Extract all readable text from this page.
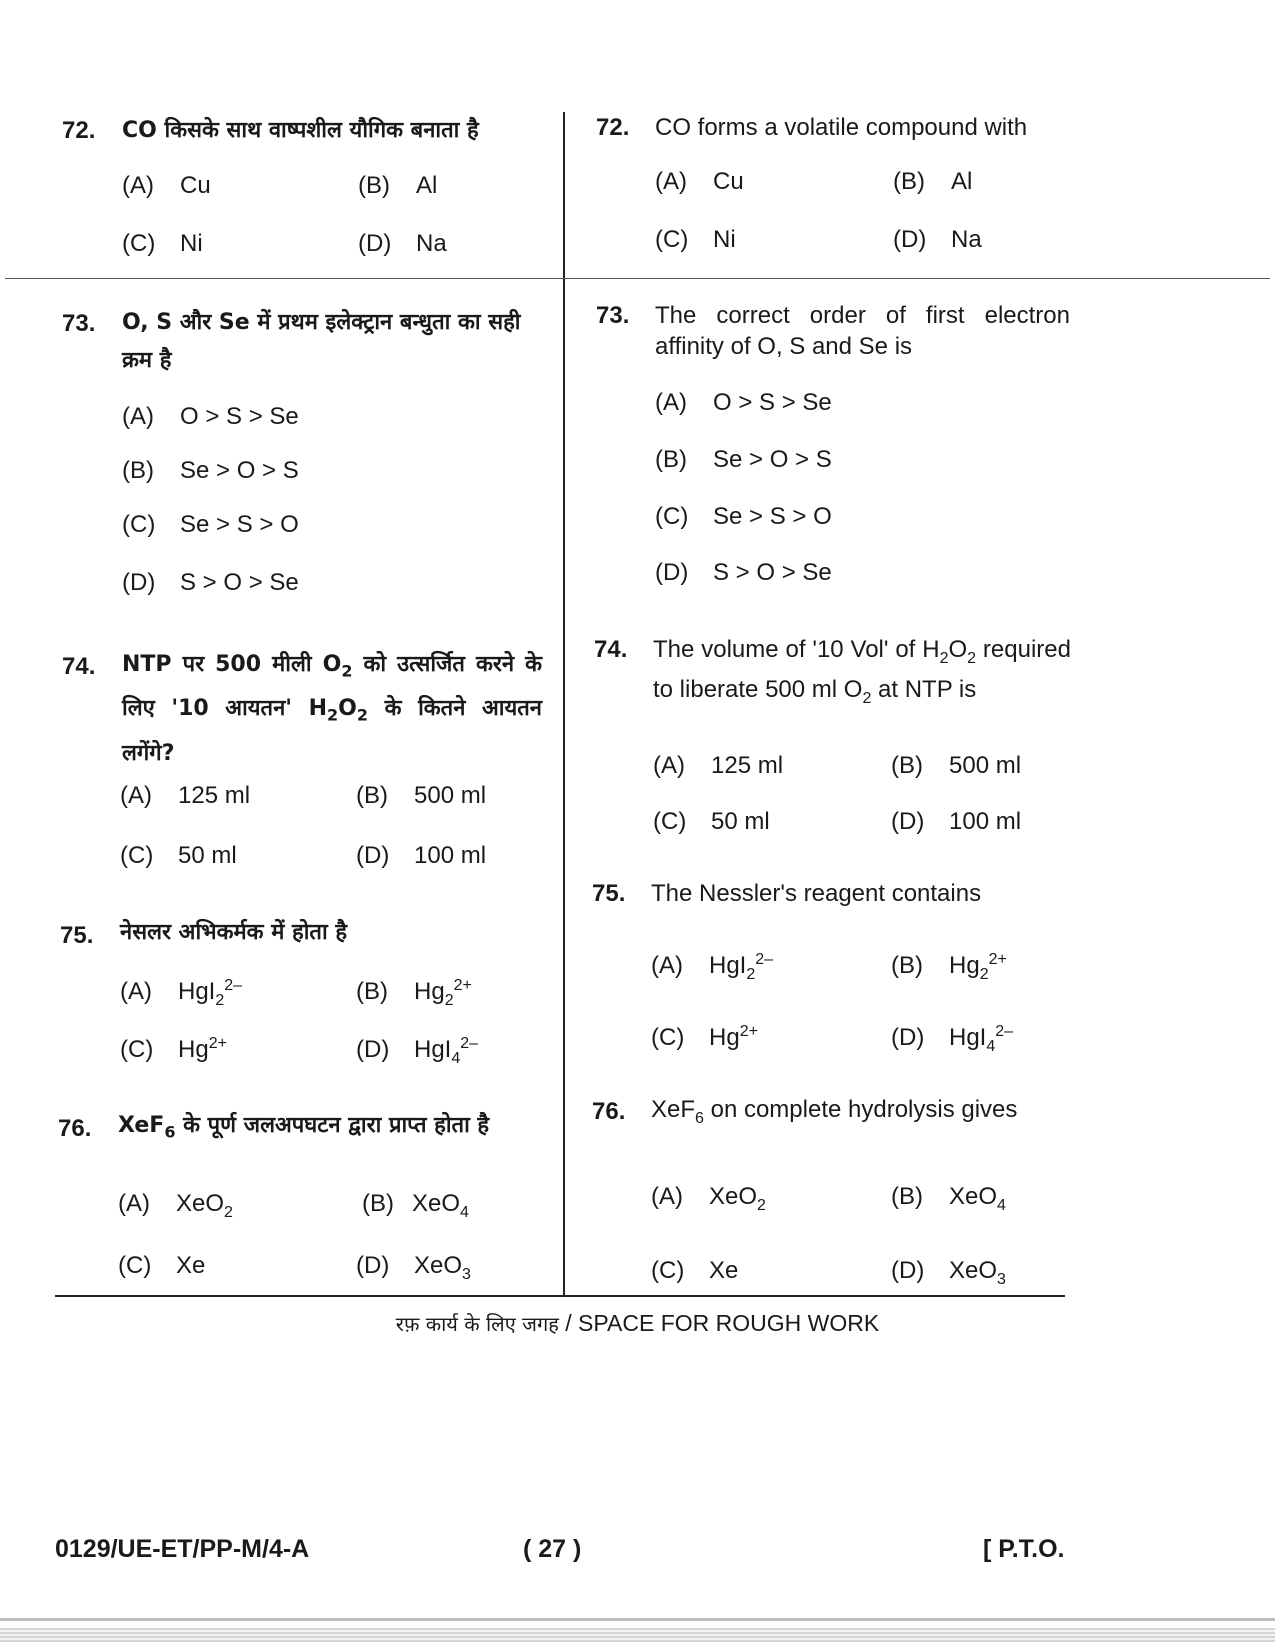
72. CO किसके साथ वाष्पशील यौगिक बनाता है
(A) Cu	(B) Al
(C) Ni	(D) Na
73. O, S और Se में प्रथम इलेक्ट्रान बन्धुता का सही क्रम है
(A) O > S > Se
(B) Se > O > S
(C) Se > S > O
(D) S > O > Se
74. NTP पर 500 मीली $O_2$ को उत्सर्जित करने के लिए '10 आयतन' $H_2O_2$ के कितने आयतन लगेंगे?
(A) 125 ml	(B) 500 ml
(C) 50 ml	(D) 100 ml
75. नेसलर अभिकर्मक में होता है
(A) HgI$_2^{2-}$	(B) $Hg_2^{2+}$
(C) $Hg^{2+}$	(D) HgI$_4^{2-}$
76. XeF$_6$ के पूर्ण जलअपघटन द्वारा प्राप्त होता है
(A) XeO$_2$	(B) XeO$_4$
(C) Xe	(D) XeO$_3$
72. CO forms a volatile compound with
(A) Cu	(B) Al
(C) Ni	(D) Na
73. The correct order of first electron affinity of O, S and Se is
(A) O > S > Se
(B) Se > O > S
(C) Se > S > O
(D) S > O > Se
74. The volume of '10 Vol' of $H_2O_2$ required to liberate 500 ml $O_2$ at NTP is
(A) 125 ml	(B) 500 ml
(C) 50 ml	(D) 100 ml
75. The Nessler's reagent contains
(A) HgI$_2^{2-}$	(B) $Hg_2^{2+}$
(C) $Hg^{2+}$	(D) HgI$_4^{2-}$
76. XeF$_6$ on complete hydrolysis gives
(A) XeO$_2$	(B) XeO$_4$
(C) Xe	(D) XeO$_3$
रफ़ कार्य के लिए जगह / SPACE FOR ROUGH WORK
0129/UE-ET/PP-M/4-A	( 27 )	[ P.T.O.
